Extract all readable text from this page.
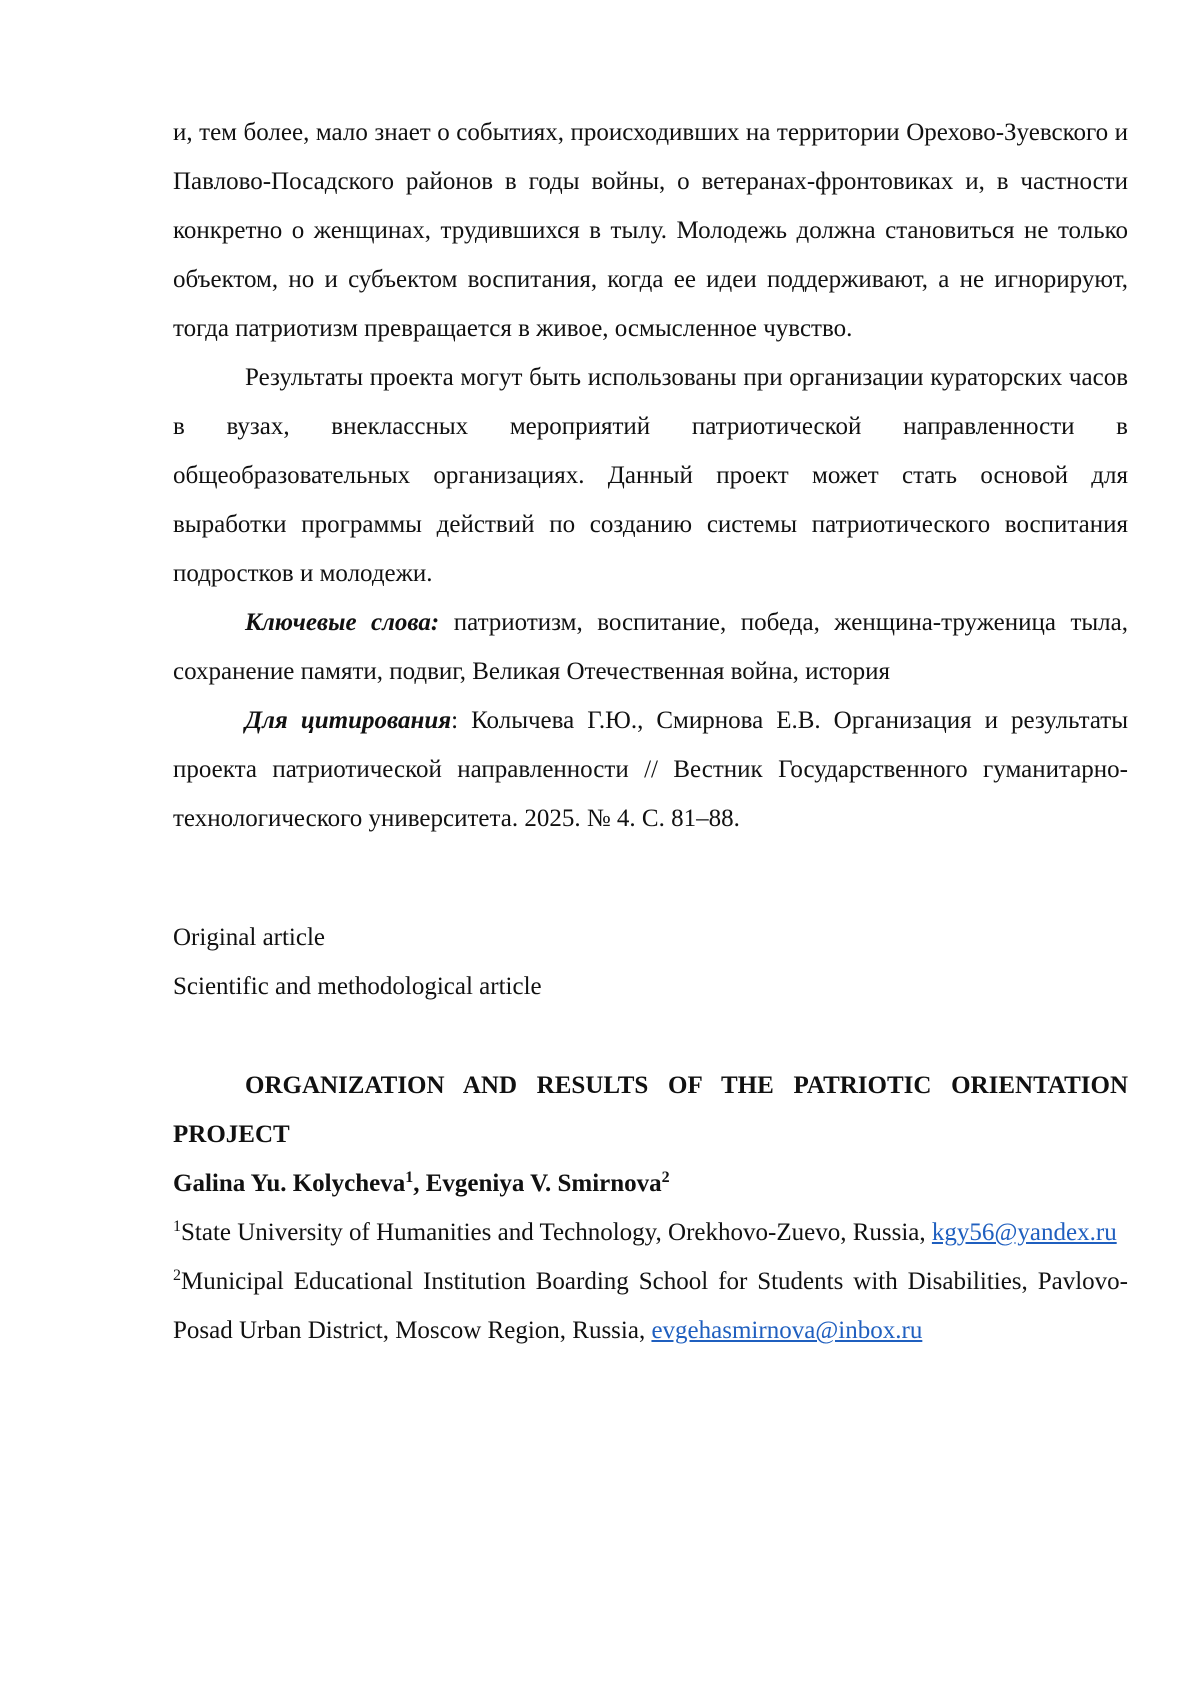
и, тем более, мало знает о событиях, происходивших на территории Орехово-Зуевского и Павлово-Посадского районов в годы войны, о ветеранах-фронтовиках и, в частности конкретно о женщинах, трудившихся в тылу. Молодежь должна становиться не только объектом, но и субъектом воспитания, когда ее идеи поддерживают, а не игнорируют, тогда патриотизм превращается в живое, осмысленное чувство.

Результаты проекта могут быть использованы при организации кураторских часов в вузах, внеклассных мероприятий патриотической направленности в общеобразовательных организациях. Данный проект может стать основой для выработки программы действий по созданию системы патриотического воспитания подростков и молодежи.

Ключевые слова: патриотизм, воспитание, победа, женщина-труженица тыла, сохранение памяти, подвиг, Великая Отечественная война, история

Для цитирования: Колычева Г.Ю., Смирнова Е.В. Организация и результаты проекта патриотической направленности // Вестник Государственного гуманитарно-технологического университета. 2025. № 4. С. 81–88.

Original article

Scientific and methodological article

ORGANIZATION AND RESULTS OF THE PATRIOTIC ORIENTATION PROJECT

Galina Yu. Kolycheva$^1$, Evgeniya V. Smirnova$^2$

$^1$State University of Humanities and Technology, Orekhovo-Zuevo, Russia, kgy56@yandex.ru

$^2$Municipal Educational Institution Boarding School for Students with Disabilities, Pavlovo-Posad Urban District, Moscow Region, Russia, evgehasmirnova@inbox.ru
